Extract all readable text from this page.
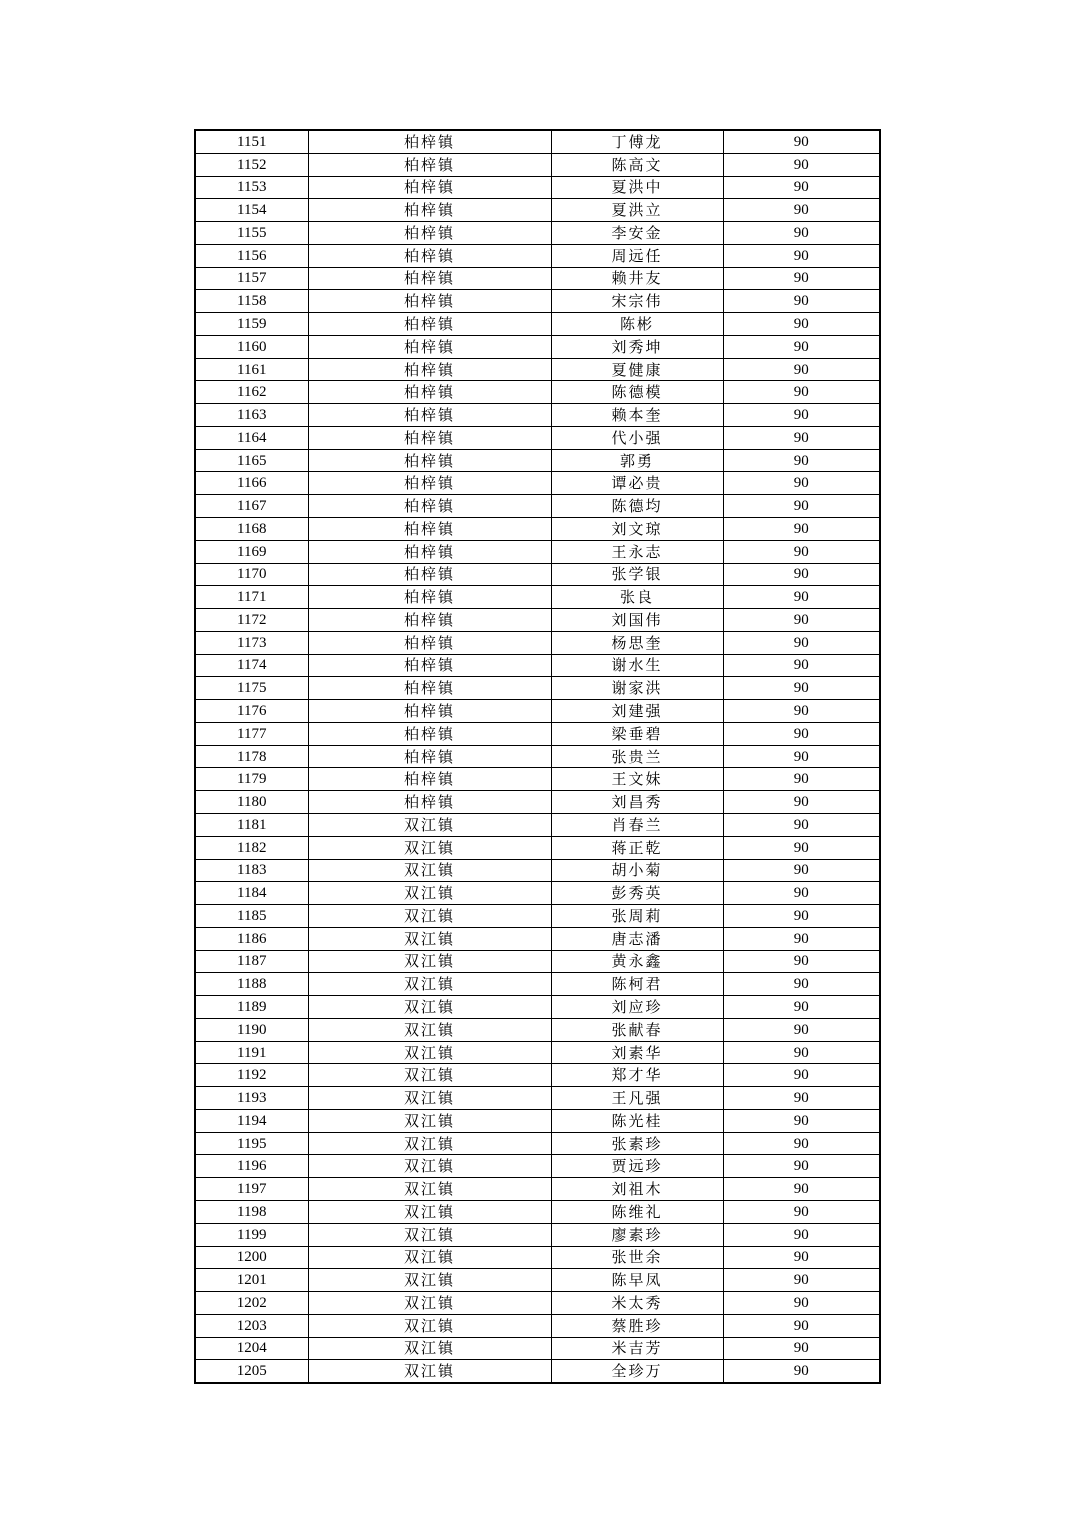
1151	柏梓镇	丁傅龙	90
1152	柏梓镇	陈高文	90
1153	柏梓镇	夏洪中	90
1154	柏梓镇	夏洪立	90
1155	柏梓镇	李安金	90
1156	柏梓镇	周远任	90
1157	柏梓镇	赖井友	90
1158	柏梓镇	宋宗伟	90
1159	柏梓镇	陈彬	90
1160	柏梓镇	刘秀坤	90
1161	柏梓镇	夏健康	90
1162	柏梓镇	陈德模	90
1163	柏梓镇	赖本奎	90
1164	柏梓镇	代小强	90
1165	柏梓镇	郭勇	90
1166	柏梓镇	谭必贵	90
1167	柏梓镇	陈德均	90
1168	柏梓镇	刘文琼	90
1169	柏梓镇	王永志	90
1170	柏梓镇	张学银	90
1171	柏梓镇	张良	90
1172	柏梓镇	刘国伟	90
1173	柏梓镇	杨思奎	90
1174	柏梓镇	谢水生	90
1175	柏梓镇	谢家洪	90
1176	柏梓镇	刘建强	90
1177	柏梓镇	梁垂碧	90
1178	柏梓镇	张贵兰	90
1179	柏梓镇	王文妹	90
1180	柏梓镇	刘昌秀	90
1181	双江镇	肖春兰	90
1182	双江镇	蒋正乾	90
1183	双江镇	胡小菊	90
1184	双江镇	彭秀英	90
1185	双江镇	张周莉	90
1186	双江镇	唐志潘	90
1187	双江镇	黄永鑫	90
1188	双江镇	陈柯君	90
1189	双江镇	刘应珍	90
1190	双江镇	张献春	90
1191	双江镇	刘素华	90
1192	双江镇	郑才华	90
1193	双江镇	王凡强	90
1194	双江镇	陈光桂	90
1195	双江镇	张素珍	90
1196	双江镇	贾远珍	90
1197	双江镇	刘祖木	90
1198	双江镇	陈维礼	90
1199	双江镇	廖素珍	90
1200	双江镇	张世余	90
1201	双江镇	陈早凤	90
1202	双江镇	米太秀	90
1203	双江镇	蔡胜珍	90
1204	双江镇	米吉芳	90
1205	双江镇	全珍万	90
